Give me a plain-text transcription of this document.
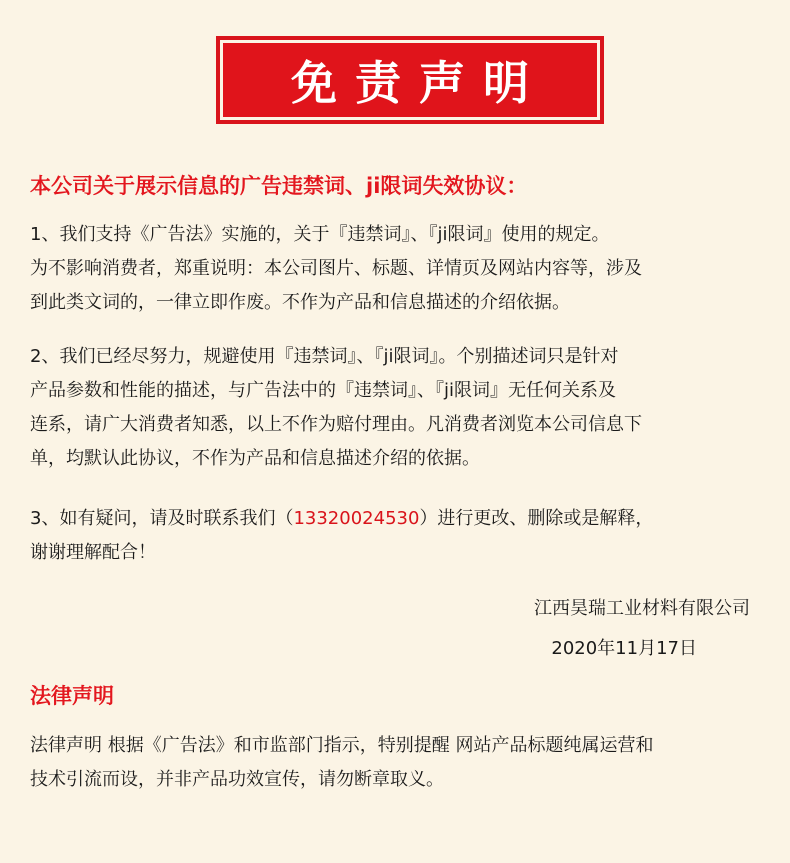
免责声明
本公司关于展示信息的广告违禁词、ji限词失效协议：
1、我们支持《广告法》实施的，关于『违禁词』、『ji限词』使用的规定。
为不影响消费者，郑重说明：本公司图片、标题、详情页及网站内容等，涉及
到此类文词的，一律立即作废。不作为产品和信息描述的介绍依据。
2、我们已经尽努力，规避使用『违禁词』、『ji限词』。个别描述词只是针对
产品参数和性能的描述，与广告法中的『违禁词』、『ji限词』无任何关系及
连系，请广大消费者知悉，以上不作为赔付理由。凡消费者浏览本公司信息下
单，均默认此协议，不作为产品和信息描述介绍的依据。
3、如有疑问，请及时联系我们（13320024530）进行更改、删除或是解释，
谢谢理解配合！
江西昊瑞工业材料有限公司
2020年11月17日
法律声明
法律声明 根据《广告法》和市监部门指示，特别提醒 网站产品标题纯属运营和
技术引流而设，并非产品功效宣传，请勿断章取义。
